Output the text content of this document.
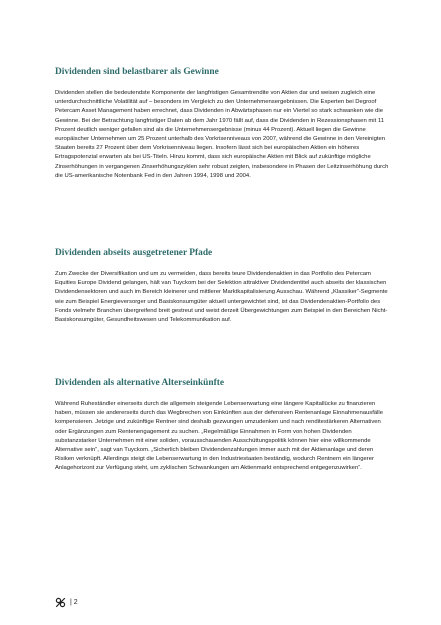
Dividenden sind belastbarer als Gewinne

Dividenden stellen die bedeutendste Komponente der langfristigen Gesamtrendite von Aktien dar und weisen zugleich eine unterdurchschnittliche Volatilität auf – besonders im Vergleich zu den Unternehmensergebnissen. Die Experten bei Degroof Petercam Asset Management haben errechnet, dass Dividenden in Abwärtsphasen nur ein Viertel so stark schwanken wie die Gewinne. Bei der Betrachtung langfristiger Daten ab dem Jahr 1970 fällt auf, dass die Dividenden in Rezessionsphasen mit 11 Prozent deutlich weniger gefallen sind als die Unternehmensergebnisse (minus 44 Prozent). Aktuell liegen die Gewinne europäischer Unternehmen um 25 Prozent unterhalb des Vorkrisenniveaus von 2007, während die Gewinne in den Vereinigten Staaten bereits 27 Prozent über dem Vorkrisenniveau liegen. Insofern lässt sich bei europäischen Aktien ein höheres Ertragspotenzial erwarten als bei US-Titeln. Hinzu kommt, dass sich europäische Aktien mit Blick auf zukünftige mögliche Zinserhöhungen in vergangenen Zinserhöhungszyklen sehr robust zeigten, insbesondere in Phasen der Leitzinserhöhung durch die US-amerikanische Notenbank Fed in den Jahren 1994, 1998 und 2004.

Dividenden abseits ausgetretener Pfade

Zum Zwecke der Diversifikation und um zu vermeiden, dass bereits teure Dividendenaktien in das Portfolio des Petercam Equities Europe Dividend gelangen, hält van Tuyckom bei der Selektion attraktiver Dividendentitel auch abseits der klassischen Dividendensektoren und auch im Bereich kleinerer und mittlerer Marktkapitalisierung Ausschau. Während „Klassiker“-Segmente wie zum Beispiel Energieversorger und Basiskonsumgüter aktuell untergewichtet sind, ist das Dividendenaktien-Portfolio des Fonds vielmehr Branchen übergreifend breit gestreut und weist derzeit Übergewichtungen zum Beispiel in den Bereichen Nicht-Basiskonsumgüter, Gesundheitswesen und Telekommunikation auf.

Dividenden als alternative Alterseinkünfte

Während Ruheständler einerseits durch die allgemein steigende Lebenserwartung eine längere Kapitallücke zu finanzieren haben, müssen sie andererseits durch das Wegbrechen von Einkünften aus der defensiven Rentenanlage Einnahmenausfälle kompensieren. Jetzige und zukünftige Rentner sind deshalb gezwungen umzudenken und nach renditestärkeren Alternativen oder Ergänzungen zum Rentenengagement zu suchen. „Regelmäßige Einnahmen in Form von hohen Dividenden substanzstarker Unternehmen mit einer soliden, vorausschauenden Ausschüttungspolitik können hier eine willkommende Alternative sein“, sagt van Tuyckom. „Sicherlich bleiben Dividendenzahlungen immer auch mit der Aktienanlage und deren Risiken verknüpft. Allerdings steigt die Lebenserwartung in den Industriestaaten beständig, wodurch Rentnern ein längerer Anlagehorizont zur Verfügung steht, um zyklischen Schwankungen am Aktienmarkt entsprechend entgegenzuwirken“.

| 2
